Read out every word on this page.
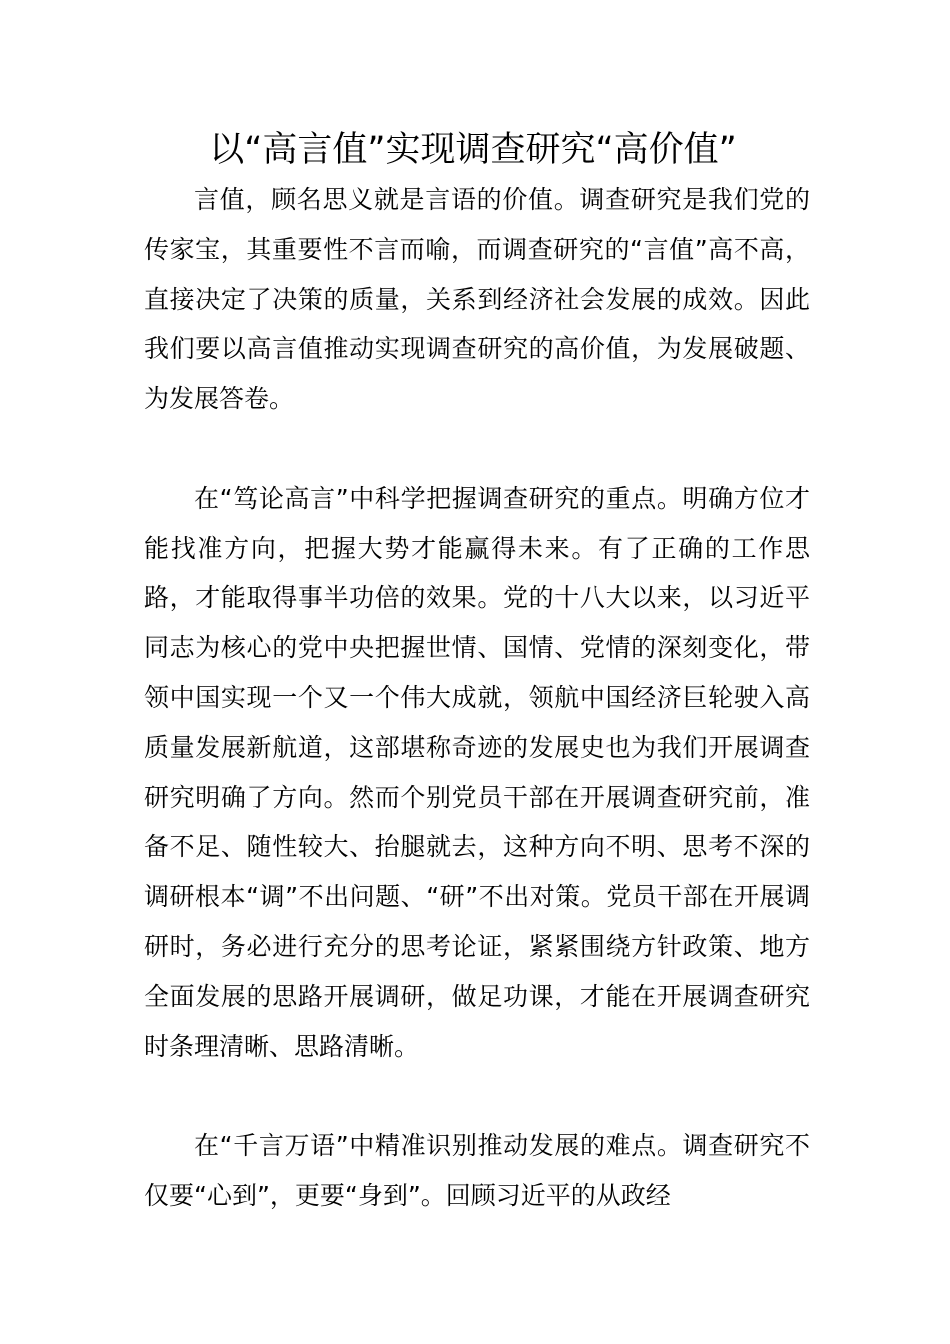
以“高言值”实现调查研究“高价值”

言值，顾名思义就是言语的价值。调查研究是我们党的传家宝，其重要性不言而喻，而调查研究的“言值”高不高，直接决定了决策的质量，关系到经济社会发展的成效。因此我们要以高言值推动实现调查研究的高价值，为发展破题、为发展答卷。

在“笃论高言”中科学把握调查研究的重点。明确方位才能找准方向，把握大势才能赢得未来。有了正确的工作思路，才能取得事半功倍的效果。党的十八大以来，以习近平同志为核心的党中央把握世情、国情、党情的深刻变化，带领中国实现一个又一个伟大成就，领航中国经济巨轮驶入高质量发展新航道，这部堪称奇迹的发展史也为我们开展调查研究明确了方向。然而个别党员干部在开展调查研究前，准备不足、随性较大、抬腿就去，这种方向不明、思考不深的调研根本“调”不出问题、“研”不出对策。党员干部在开展调研时，务必进行充分的思考论证，紧紧围绕方针政策、地方全面发展的思路开展调研，做足功课，才能在开展调查研究时条理清晰、思路清晰。

在“千言万语”中精准识别推动发展的难点。调查研究不仅要“心到”，更要“身到”。回顾习近平的从政经
